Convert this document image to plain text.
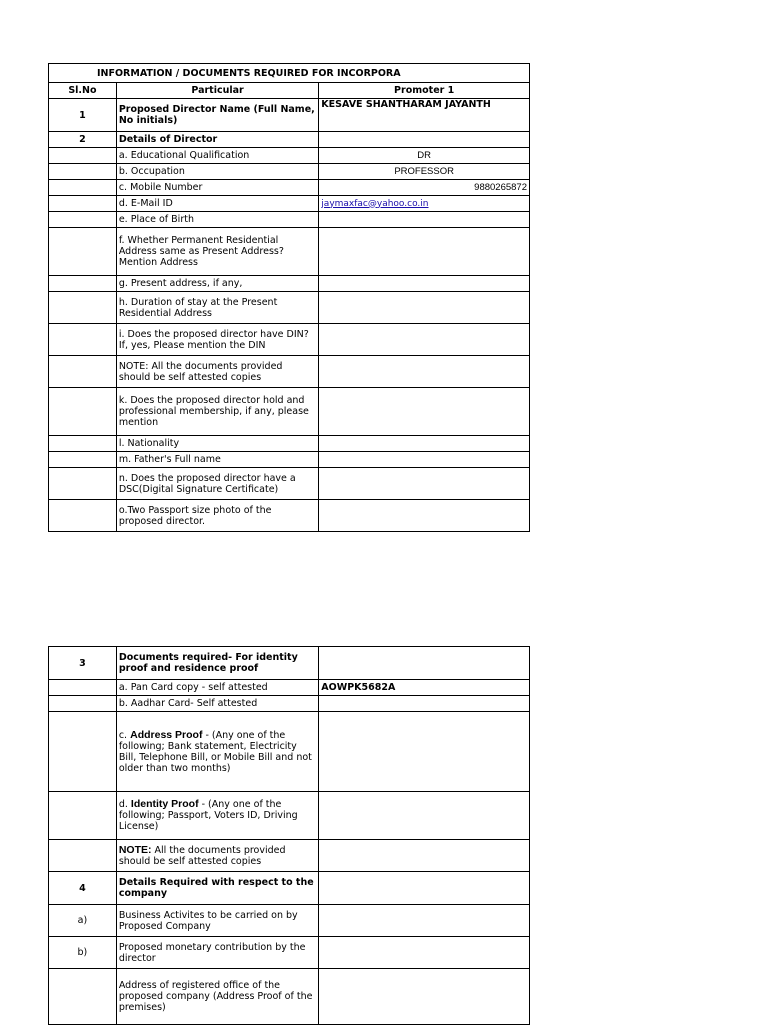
INFORMATION / DOCUMENTS REQUIRED FOR INCORPORA		
Sl.No	Particular	Promoter 1
1	Proposed Director Name (Full Name, No initials)	KESAVE SHANTHARAM JAYANTH
2	Details of Director	
	a. Educational Qualification	DR
	b. Occupation	PROFESSOR
	c. Mobile Number	9880265872
	d. E-Mail ID	jaymaxfac@yahoo.co.in
	e. Place of Birth	
	f. Whether Permanent Residential Address same as Present Address? Mention Address	
	g. Present address, if any,	
	h. Duration of stay at the Present Residential Address	
	i. Does the proposed director have DIN? If, yes, Please mention the DIN	
	NOTE: All the documents provided should be self attested copies	
	k. Does the proposed director hold and professional membership, if any, please mention	
	l. Nationality	
	m. Father's Full name	
	n. Does the proposed director have a DSC(Digital Signature Certificate)	
	o.Two Passport size photo of the proposed director.	
3	Documents required- For identity proof and residence proof	
	a. Pan Card copy - self attested	AOWPK5682A
	b. Aadhar Card- Self attested	
	c. Address Proof - (Any one of the following; Bank statement, Electricity Bill, Telephone Bill, or Mobile Bill and not older than two months)	
	d. Identity Proof - (Any one of the following; Passport, Voters ID, Driving License)	
	NOTE: All the documents provided should be self attested copies	
4	Details Required with respect to the company	
a)	Business Activites to be carried on by Proposed Company	
b)	Proposed monetary contribution by the director	
	Address of registered office of the proposed company (Address Proof of the premises)	
